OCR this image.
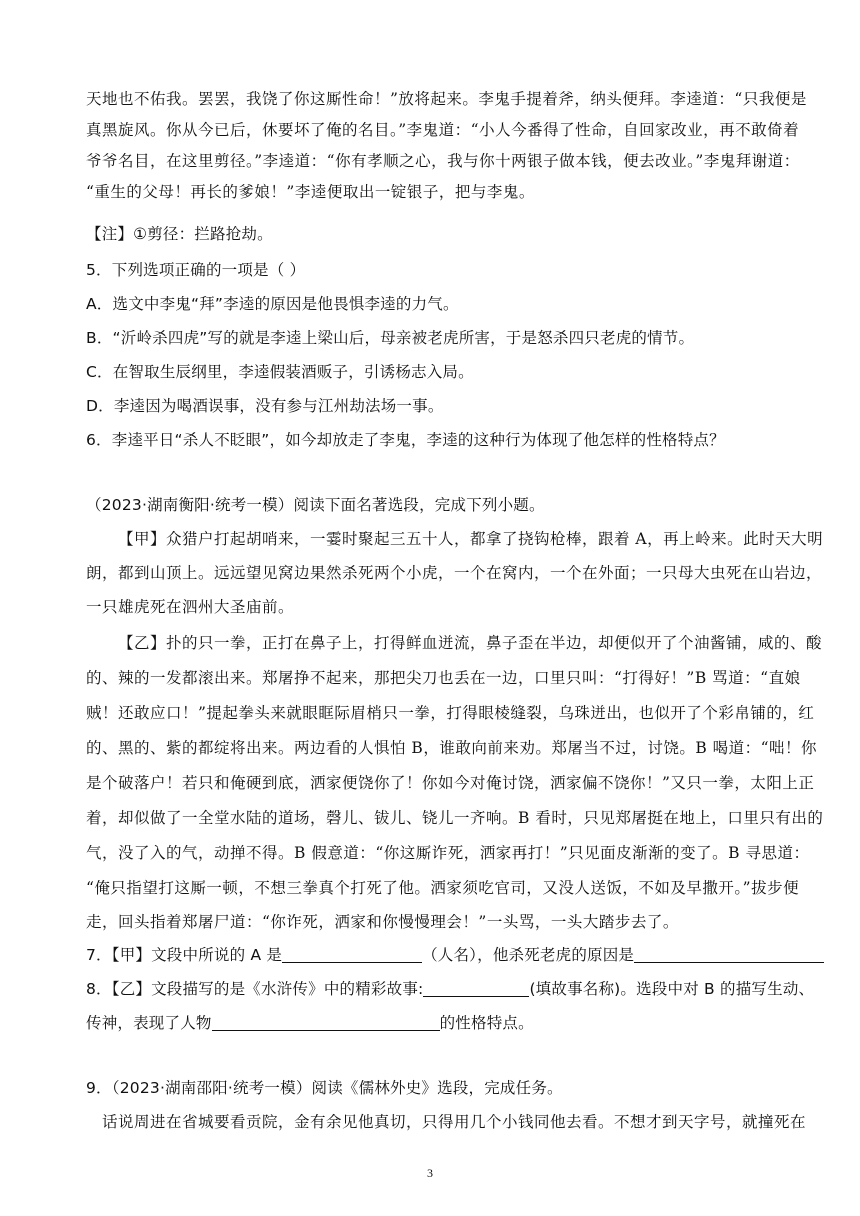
天地也不佑我。罢罢，我饶了你这厮性命！”放将起来。李鬼手提着斧，纳头便拜。李逵道：“只我便是
真黑旋风。你从今已后，休要坏了俺的名目。”李鬼道：“小人今番得了性命，自回家改业，再不敢倚着
爷爷名目，在这里剪径。”李逵道：“你有孝顺之心，我与你十两银子做本钱，便去改业。”李鬼拜谢道：
“重生的父母！再长的爹娘！”李逵便取出一锭银子，把与李鬼。
【注】①剪径：拦路抢劫。
5．下列选项正确的一项是（ ）
A．选文中李鬼“拜”李逵的原因是他畏惧李逵的力气。
B．“沂岭杀四虎”写的就是李逵上梁山后，母亲被老虎所害，于是怒杀四只老虎的情节。
C．在智取生辰纲里，李逵假装酒贩子，引诱杨志入局。
D．李逵因为喝酒误事，没有参与江州劫法场一事。
6．李逵平日“杀人不眨眼”，如今却放走了李鬼，李逵的这种行为体现了他怎样的性格特点？
（2023·湖南衡阳·统考一模）阅读下面名著选段，完成下列小题。
【甲】众猎户打起胡哨来，一霎时聚起三五十人，都拿了挠钩枪棒，跟着 A，再上岭来。此时天大明
朗，都到山顶上。远远望见窝边果然杀死两个小虎，一个在窝内，一个在外面；一只母大虫死在山岩边，
一只雄虎死在泗州大圣庙前。
【乙】扑的只一拳，正打在鼻子上，打得鲜血迸流，鼻子歪在半边，却便似开了个油酱铺，咸的、酸
的、辣的一发都滚出来。郑屠挣不起来，那把尖刀也丢在一边，口里只叫：“打得好！”B 骂道：“直娘
贼！还敢应口！”提起拳头来就眼眶际眉梢只一拳，打得眼棱缝裂，乌珠迸出，也似开了个彩帛铺的，红
的、黑的、紫的都绽将出来。两边看的人惧怕 B，谁敢向前来劝。郑屠当不过，讨饶。B 喝道：“咄！你
是个破落户！若只和俺硬到底，洒家便饶你了！你如今对俺讨饶，洒家偏不饶你！”又只一拳，太阳上正
着，却似做了一全堂水陆的道场，磬儿、钹儿、铙儿一齐响。B 看时，只见郑屠挺在地上，口里只有出的
气，没了入的气，动掸不得。B 假意道：“你这厮诈死，洒家再打！”只见面皮渐渐的变了。B 寻思道：
“俺只指望打这厮一顿，不想三拳真个打死了他。洒家须吃官司，又没人送饭，不如及早撒开。”拔步便
走，回头指着郑屠尸道：“你诈死，洒家和你慢慢理会！”一头骂，一头大踏步去了。
7．【甲】文段中所说的 A 是	（人名），他杀死老虎的原因是
8．【乙】文段描写的是《水浒传》中的精彩故事:	(填故事名称)。选段中对 B 的描写生动、
传神，表现了人物	的性格特点。
9．（2023·湖南邵阳·统考一模）阅读《儒林外史》选段，完成任务。
话说周进在省城要看贡院，金有余见他真切，只得用几个小钱同他去看。不想才到天字号，就撞死在
3
